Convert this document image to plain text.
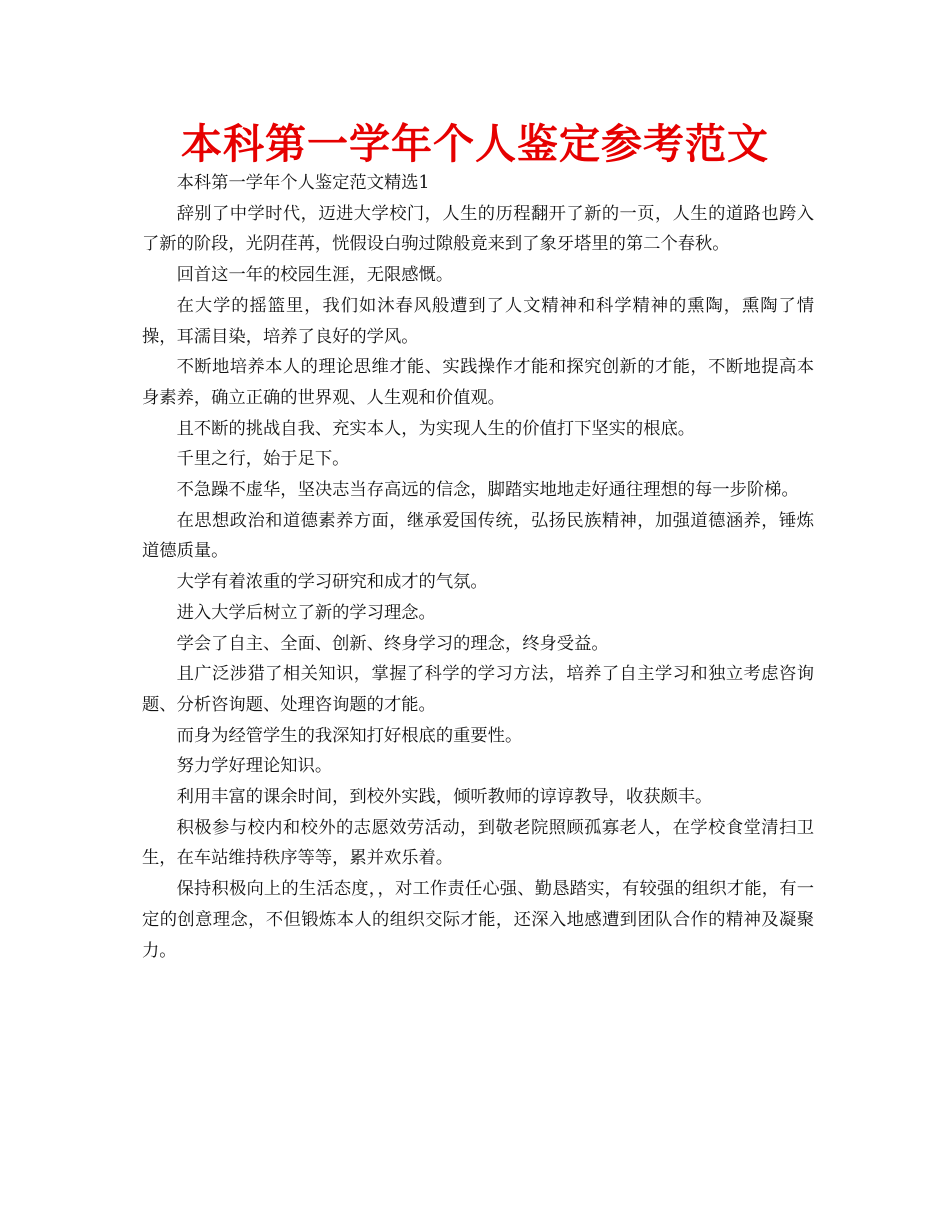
本科第一学年个人鉴定参考范文

本科第一学年个人鉴定范文精选1

辞别了中学时代，迈进大学校门，人生的历程翻开了新的一页，人生的道路也跨入了新的阶段，光阴荏苒，恍假设白驹过隙般竟来到了象牙塔里的第二个春秋。

回首这一年的校园生涯，无限感慨。

在大学的摇篮里，我们如沐春风般遭到了人文精神和科学精神的熏陶，熏陶了情操，耳濡目染，培养了良好的学风。

不断地培养本人的理论思维才能、实践操作才能和探究创新的才能，不断地提高本身素养，确立正确的世界观、人生观和价值观。

且不断的挑战自我、充实本人，为实现人生的价值打下坚实的根底。

千里之行，始于足下。

不急躁不虚华，坚决志当存高远的信念，脚踏实地地走好通往理想的每一步阶梯。

在思想政治和道德素养方面，继承爱国传统，弘扬民族精神，加强道德涵养，锤炼道德质量。

大学有着浓重的学习研究和成才的气氛。

进入大学后树立了新的学习理念。

学会了自主、全面、创新、终身学习的理念，终身受益。

且广泛涉猎了相关知识，掌握了科学的学习方法，培养了自主学习和独立考虑咨询题、分析咨询题、处理咨询题的才能。

而身为经管学生的我深知打好根底的重要性。

努力学好理论知识。

利用丰富的课余时间，到校外实践，倾听教师的谆谆教导，收获颇丰。

积极参与校内和校外的志愿效劳活动，到敬老院照顾孤寡老人，在学校食堂清扫卫生，在车站维持秩序等等，累并欢乐着。

保持积极向上的生活态度，，对工作责任心强、勤恳踏实，有较强的组织才能，有一定的创意理念，不但锻炼本人的组织交际才能，还深入地感遭到团队合作的精神及凝聚力。
